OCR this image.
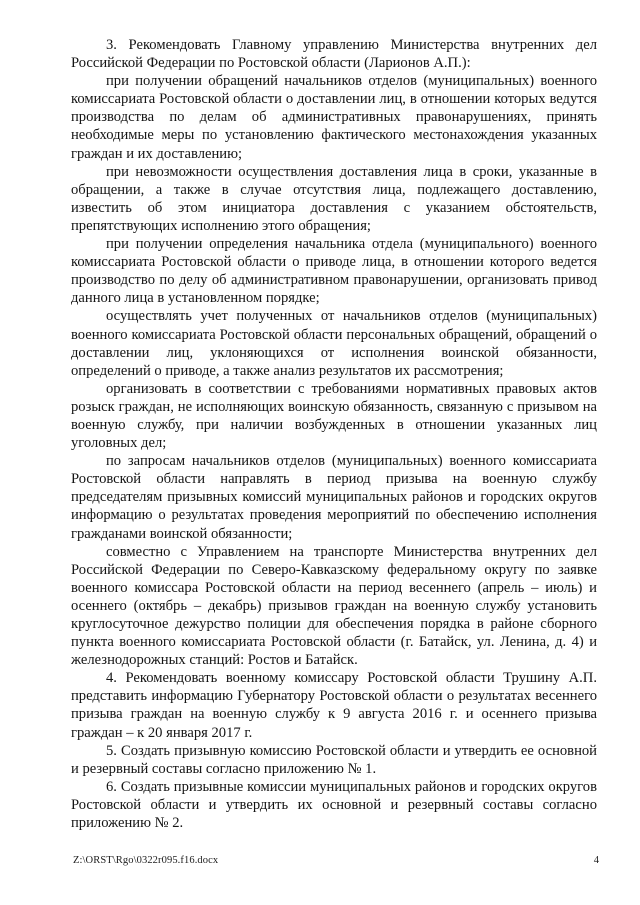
3. Рекомендовать Главному управлению Министерства внутренних дел Российской Федерации по Ростовской области (Ларионов А.П.):

при получении обращений начальников отделов (муниципальных) военного комиссариата Ростовской области о доставлении лиц, в отношении которых ведутся производства по делам об административных правонарушениях, принять необходимые меры по установлению фактического местонахождения указанных граждан и их доставлению;

при невозможности осуществления доставления лица в сроки, указанные в обращении, а также в случае отсутствия лица, подлежащего доставлению, известить об этом инициатора доставления с указанием обстоятельств, препятствующих исполнению этого обращения;

при получении определения начальника отдела (муниципального) военного комиссариата Ростовской области о приводе лица, в отношении которого ведется производство по делу об административном правонарушении, организовать привод данного лица в установленном порядке;

осуществлять учет полученных от начальников отделов (муниципальных) военного комиссариата Ростовской области персональных обращений, обращений о доставлении лиц, уклоняющихся от исполнения воинской обязанности, определений о приводе, а также анализ результатов их рассмотрения;

организовать в соответствии с требованиями нормативных правовых актов розыск граждан, не исполняющих воинскую обязанность, связанную с призывом на военную службу, при наличии возбужденных в отношении указанных лиц уголовных дел;

по запросам начальников отделов (муниципальных) военного комиссариата Ростовской области направлять в период призыва на военную службу председателям призывных комиссий муниципальных районов и городских округов информацию о результатах проведения мероприятий по обеспечению исполнения гражданами воинской обязанности;

совместно с Управлением на транспорте Министерства внутренних дел Российской Федерации по Северо-Кавказскому федеральному округу по заявке военного комиссара Ростовской области на период весеннего (апрель – июль) и осеннего (октябрь – декабрь) призывов граждан на военную службу установить круглосуточное дежурство полиции для обеспечения порядка в районе сборного пункта военного комиссариата Ростовской области (г. Батайск, ул. Ленина, д. 4) и железнодорожных станций: Ростов и Батайск.

4. Рекомендовать военному комиссару Ростовской области Трушину А.П. представить информацию Губернатору Ростовской области о результатах весеннего призыва граждан на военную службу к 9 августа 2016 г. и осеннего призыва граждан – к 20 января 2017 г.

5. Создать призывную комиссию Ростовской области и утвердить ее основной и резервный составы согласно приложению № 1.

6. Создать призывные комиссии муниципальных районов и городских округов Ростовской области и утвердить их основной и резервный составы согласно приложению № 2.

Z:\ORST\Rgo\0322r095.f16.docx	4
